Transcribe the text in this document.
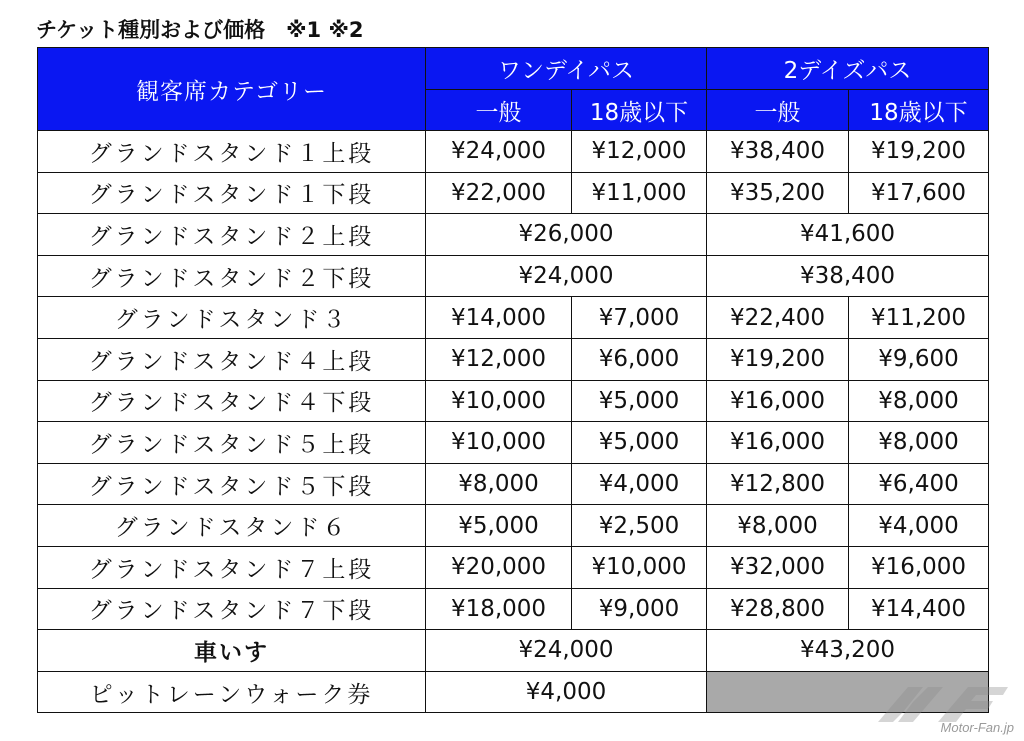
チケット種別および価格　※1 ※2
観客席カテゴリー	ワンデイパス		2デイズパス	
	一般	18歳以下	一般	18歳以下
グランドスタンド１上段	¥24,000	¥12,000	¥38,400	¥19,200
グランドスタンド１下段	¥22,000	¥11,000	¥35,200	¥17,600
グランドスタンド２上段	¥26,000		¥41,600	
グランドスタンド２下段	¥24,000		¥38,400	
グランドスタンド３	¥14,000	¥7,000	¥22,400	¥11,200
グランドスタンド４上段	¥12,000	¥6,000	¥19,200	¥9,600
グランドスタンド４下段	¥10,000	¥5,000	¥16,000	¥8,000
グランドスタンド５上段	¥10,000	¥5,000	¥16,000	¥8,000
グランドスタンド５下段	¥8,000	¥4,000	¥12,800	¥6,400
グランドスタンド６	¥5,000	¥2,500	¥8,000	¥4,000
グランドスタンド７上段	¥20,000	¥10,000	¥32,000	¥16,000
グランドスタンド７下段	¥18,000	¥9,000	¥28,800	¥14,400
車いす	¥24,000		¥43,200	
ピットレーンウォーク券	¥4,000			
Motor-Fan.jp
